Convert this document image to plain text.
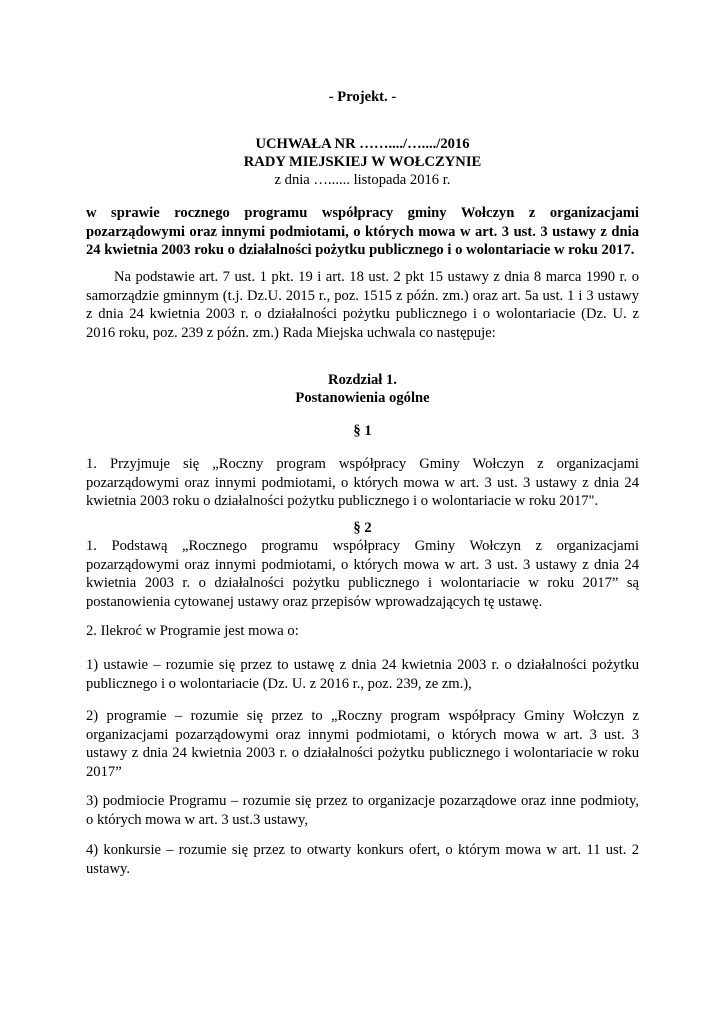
- Projekt. -

UCHWAŁA NR ……..../…..../2016

RADY MIEJSKIEJ W WOŁCZYNIE

z dnia …...... listopada 2016 r.

w sprawie rocznego programu współpracy gminy Wołczyn z organizacjami pozarządowymi oraz innymi podmiotami, o których mowa w art. 3 ust. 3 ustawy z dnia 24 kwietnia 2003 roku o działalności pożytku publicznego i o wolontariacie w roku 2017.

Na podstawie art. 7 ust. 1 pkt. 19 i art. 18 ust. 2 pkt 15 ustawy z dnia 8 marca 1990 r. o samorządzie gminnym (t.j. Dz.U. 2015 r., poz. 1515 z późn. zm.) oraz art. 5a ust. 1 i 3 ustawy z dnia 24 kwietnia 2003 r. o działalności pożytku publicznego i o wolontariacie (Dz. U. z 2016 roku, poz. 239 z późn. zm.) Rada Miejska uchwala co następuje:

Rozdział 1.

Postanowienia ogólne

§ 1

1. Przyjmuje się „Roczny program współpracy Gminy Wołczyn z organizacjami pozarządowymi oraz innymi podmiotami, o których mowa w art. 3 ust. 3 ustawy z dnia 24 kwietnia 2003 roku o działalności pożytku publicznego i o wolontariacie w roku 2017".

§ 2

1. Podstawą „Rocznego programu współpracy Gminy Wołczyn z organizacjami pozarządowymi oraz innymi podmiotami, o których mowa w art. 3 ust. 3 ustawy z dnia 24 kwietnia 2003 r. o działalności pożytku publicznego i wolontariacie w roku 2017” są postanowienia cytowanej ustawy oraz przepisów wprowadzających tę ustawę.

2. Ilekroć w Programie jest mowa o:

1) ustawie – rozumie się przez to ustawę z dnia 24 kwietnia 2003 r. o działalności pożytku publicznego i o wolontariacie (Dz. U. z 2016 r., poz. 239, ze zm.),

2) programie – rozumie się przez to „Roczny program współpracy Gminy Wołczyn z organizacjami pozarządowymi oraz innymi podmiotami, o których mowa w art. 3 ust. 3 ustawy z dnia 24 kwietnia 2003 r. o działalności pożytku publicznego i wolontariacie w roku 2017”

3) podmiocie Programu – rozumie się przez to organizacje pozarządowe oraz inne podmioty, o których mowa w art. 3 ust.3 ustawy,

4) konkursie – rozumie się przez to otwarty konkurs ofert, o którym mowa w art. 11 ust. 2 ustawy.
